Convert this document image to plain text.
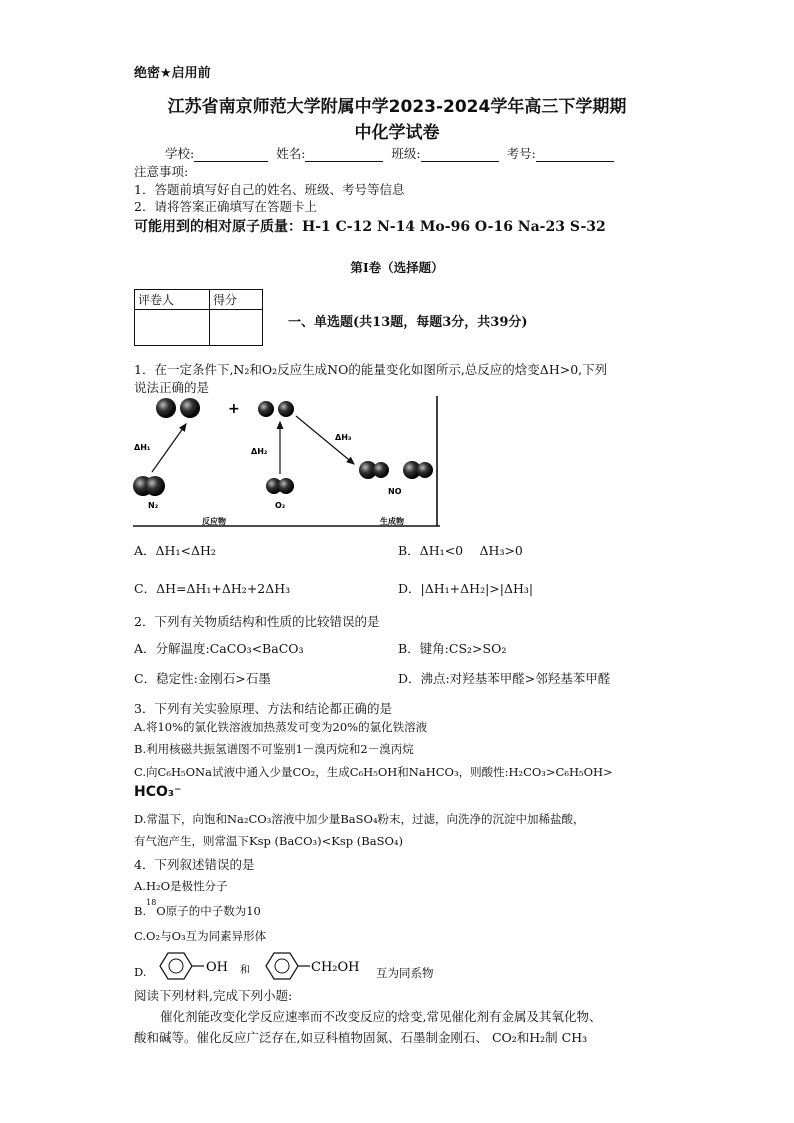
绝密★启用前
江苏省南京师范大学附属中学2023-2024学年高三下学期期
中化学试卷
学校:	姓名:	班级:	考号:
注意事项:
1．答题前填写好自己的姓名、班级、考号等信息
2．请将答案正确填写在答题卡上
可能用到的相对原子质量：H-1 C-12 N-14 Mo-96 O-16 Na-23 S-32
第I卷（选择题）
评卷人	得分

一、单选题(共13题，每题3分，共39分)
1．在一定条件下,N₂和O₂反应生成NO的能量变化如图所示,总反应的焓变ΔH>0,下列
说法正确的是
+
ΔH₁	ΔH₂
ΔH₃
N₂	O₂
NO
反应物	生成物
A．ΔH₁<ΔH₂	B．ΔH₁<0　 ΔH₃>0
C．ΔH=ΔH₁+ΔH₂+2ΔH₃	D．|ΔH₁+ΔH₂|>|ΔH₃|
2．下列有关物质结构和性质的比较错误的是
A．分解温度:CaCO₃<BaCO₃	B．键角:CS₂>SO₂
C．稳定性:金刚石>石墨	D．沸点:对羟基苯甲醛>邻羟基苯甲醛
3．下列有关实验原理、方法和结论都正确的是
A.将10%的氯化铁溶液加热蒸发可变为20%的氯化铁溶液
B.利用核磁共振氢谱图不可鉴别1－溴丙烷和2－溴丙烷
C.向C₆H₅ONa试液中通入少量CO₂，生成C₆H₅OH和NaHCO₃，则酸性:H₂CO₃>C₆H₅OH>
HCO₃⁻
D.常温下，向饱和Na₂CO₃溶液中加少量BaSO₄粉末，过滤，向洗净的沉淀中加稀盐酸，
有气泡产生，则常温下Ksp (BaCO₃)<Ksp (BaSO₄)
4．下列叙述错误的是
A.H₂O是极性分子
B.$^{18}$O原子的中子数为10
C.O₂与O₃互为同素异形体
D.	OH 和	CH₂OH 互为同系物
阅读下列材料,完成下列小题:
催化剂能改变化学反应速率而不改变反应的焓变,常见催化剂有金属及其氧化物、
酸和碱等。催化反应广泛存在,如豆科植物固氮、石墨制金刚石、 CO₂和H₂制 CH₃
